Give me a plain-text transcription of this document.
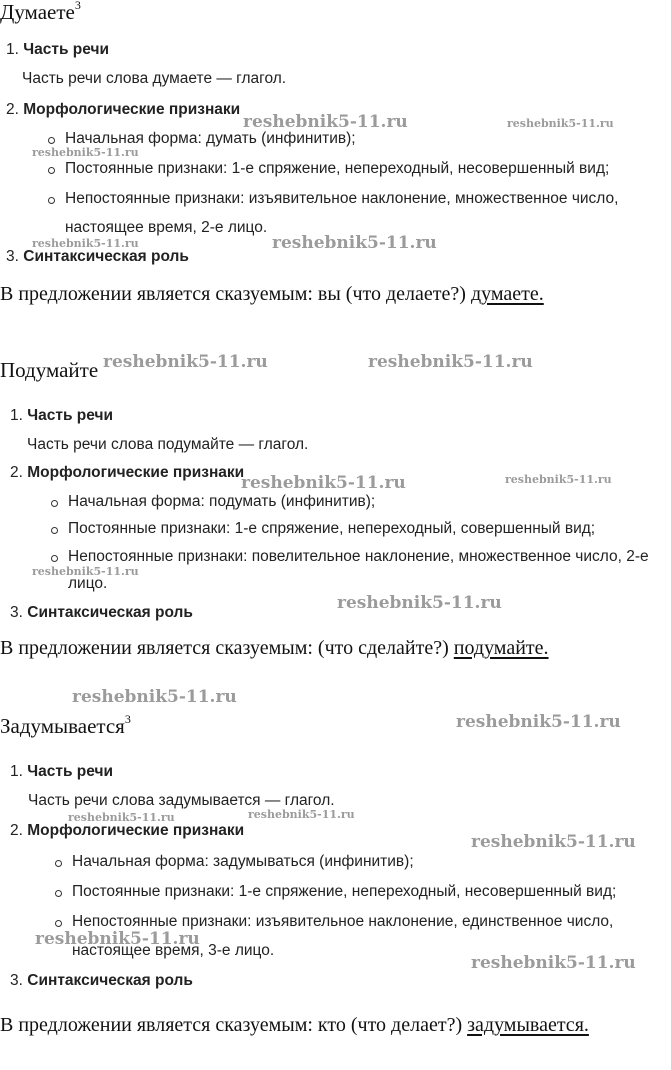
Думаете$^3$
1. Часть речи
Часть речи слова думаете — глагол.
2. Морфологические признаки
Начальная форма: думать (инфинитив);
Постоянные признаки: 1-е спряжение, непереходный, несовершенный вид;
Непостоянные признаки: изъявительное наклонение, множественное число,
настоящее время, 2-е лицо.
3. Синтаксическая роль
В предложении является сказуемым: вы (что делаете?) думаете.
Подумайте
1. Часть речи
Часть речи слова подумайте — глагол.
2. Морфологические признаки
Начальная форма: подумать (инфинитив);
Постоянные признаки: 1-е спряжение, непереходный, совершенный вид;
Непостоянные признаки: повелительное наклонение, множественное число, 2-е
лицо.
3. Синтаксическая роль
В предложении является сказуемым: (что сделайте?) подумайте.
Задумывается$^3$
1. Часть речи
Часть речи слова задумывается — глагол.
2. Морфологические признаки
Начальная форма: задумываться (инфинитив);
Постоянные признаки: 1-е спряжение, непереходный, несовершенный вид;
Непостоянные признаки: изъявительное наклонение, единственное число,
настоящее время, 3-е лицо.
3. Синтаксическая роль
В предложении является сказуемым: кто (что делает?) задумывается.
reshebnik5-11.ru	reshebnik5-11.ru
reshebnik5-11.ru
reshebnik5-11.ru	reshebnik5-11.ru
reshebnik5-11.ru	reshebnik5-11.ru
reshebnik5-11.ru	reshebnik5-11.ru
reshebnik5-11.ru
reshebnik5-11.ru
reshebnik5-11.ru
reshebnik5-11.ru
reshebnik5-11.ru	reshebnik5-11.ru
reshebnik5-11.ru
reshebnik5-11.ru
reshebnik5-11.ru
